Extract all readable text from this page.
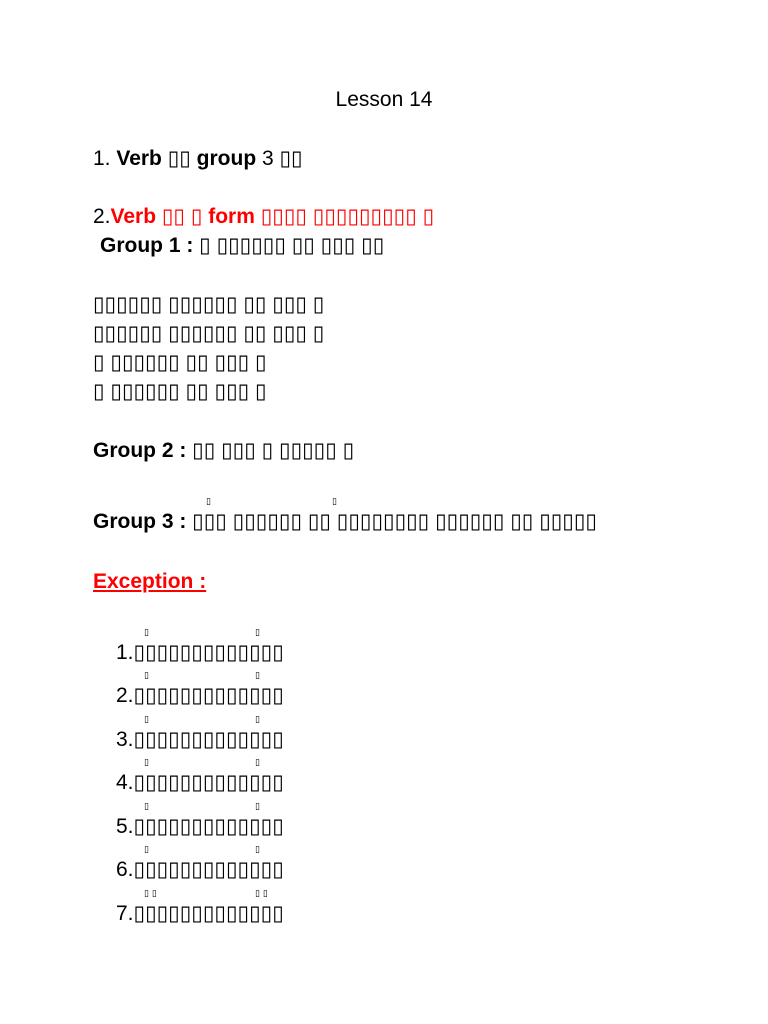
Lesson 14
1. Verb ▯▯ group 3 ▯▯
2.Verb ▯▯ ▯ form ▯▯▯▯ ▯▯▯▯▯▯▯▯▯ ▯
Group 1 : ▯ ▯▯▯▯▯▯ ▯▯ ▯▯▯ ▯▯
▯▯▯▯▯▯ ▯▯▯▯▯▯ ▯▯ ▯▯▯ ▯
▯▯▯▯▯▯ ▯▯▯▯▯▯ ▯▯ ▯▯▯ ▯
▯ ▯▯▯▯▯▯ ▯▯ ▯▯▯ ▯
▯ ▯▯▯▯▯▯ ▯▯ ▯▯▯ ▯
Group 2 : ▯▯ ▯▯▯ ▯ ▯▯▯▯▯ ▯
▯	▯
Group 3 : ▯▯▯ ▯▯▯▯▯▯ ▯▯ ▯▯▯▯▯▯▯▯ ▯▯▯▯▯▯ ▯▯ ▯▯▯▯▯
Exception :
▯	▯
1.▯▯▯▯▯▯▯▯▯▯▯▯▯
▯	▯
2.▯▯▯▯▯▯▯▯▯▯▯▯▯
▯	▯
3.▯▯▯▯▯▯▯▯▯▯▯▯▯
▯	▯
4.▯▯▯▯▯▯▯▯▯▯▯▯▯
▯	▯
5.▯▯▯▯▯▯▯▯▯▯▯▯▯
▯	▯
6.▯▯▯▯▯▯▯▯▯▯▯▯▯
▯ ▯	▯ ▯
7.▯▯▯▯▯▯▯▯▯▯▯▯▯
